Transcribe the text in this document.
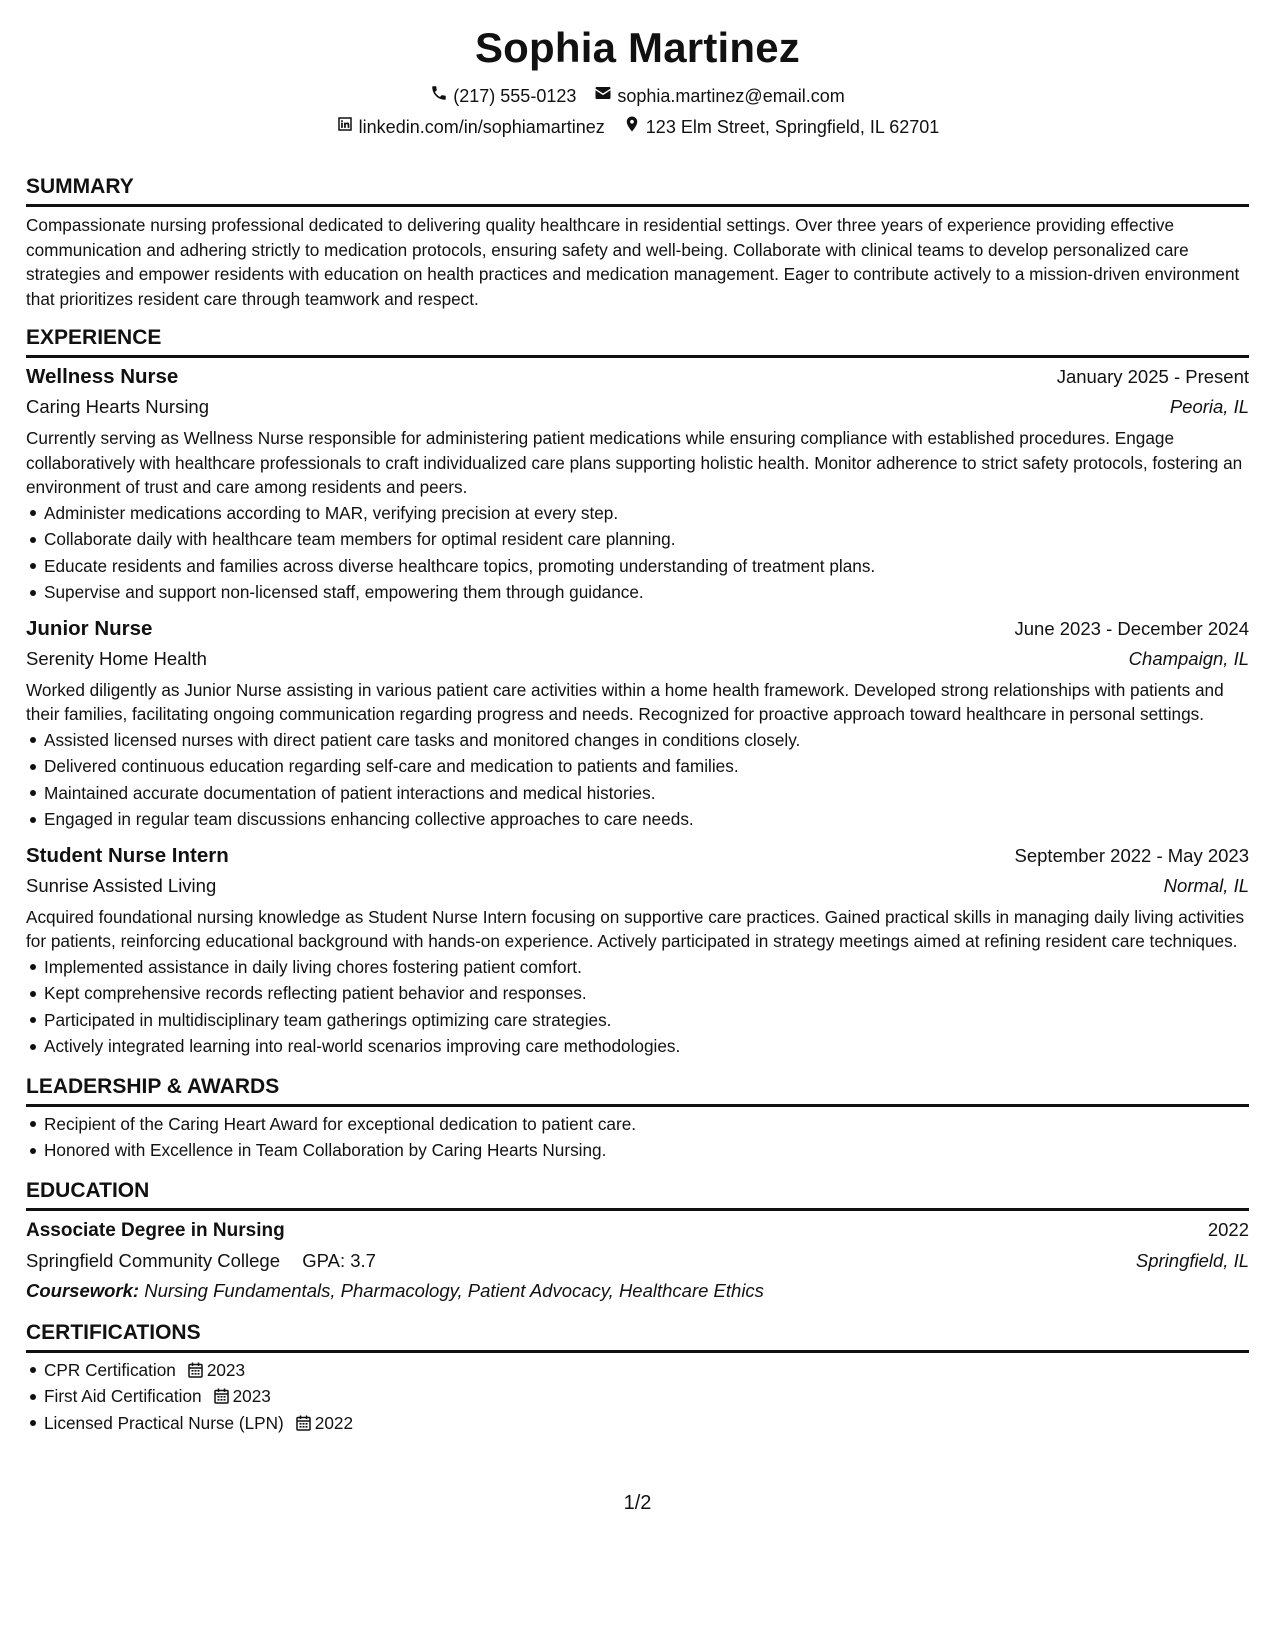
Sophia Martinez
(217) 555-0123 sophia.martinez@email.com
linkedin.com/in/sophiamartinez 123 Elm Street, Springfield, IL 62701
SUMMARY

Compassionate nursing professional dedicated to delivering quality healthcare in residential settings. Over three years of experience providing effective communication and adhering strictly to medication protocols, ensuring safety and well-being. Collaborate with clinical teams to develop personalized care strategies and empower residents with education on health practices and medication management. Eager to contribute actively to a mission-driven environment that prioritizes resident care through teamwork and respect.

EXPERIENCE
Wellness Nurse	January 2025 - Present
Caring Hearts Nursing	Peoria, IL

Currently serving as Wellness Nurse responsible for administering patient medications while ensuring compliance with established procedures. Engage collaboratively with healthcare professionals to craft individualized care plans supporting holistic health. Monitor adherence to strict safety protocols, fostering an environment of trust and care among residents and peers.

Administer medications according to MAR, verifying precision at every step.
Collaborate daily with healthcare team members for optimal resident care planning.
Educate residents and families across diverse healthcare topics, promoting understanding of treatment plans.
Supervise and support non-licensed staff, empowering them through guidance.
Junior Nurse	June 2023 - December 2024
Serenity Home Health	Champaign, IL

Worked diligently as Junior Nurse assisting in various patient care activities within a home health framework. Developed strong relationships with patients and their families, facilitating ongoing communication regarding progress and needs. Recognized for proactive approach toward healthcare in personal settings.

Assisted licensed nurses with direct patient care tasks and monitored changes in conditions closely.
Delivered continuous education regarding self-care and medication to patients and families.
Maintained accurate documentation of patient interactions and medical histories.
Engaged in regular team discussions enhancing collective approaches to care needs.
Student Nurse Intern	September 2022 - May 2023
Sunrise Assisted Living	Normal, IL

Acquired foundational nursing knowledge as Student Nurse Intern focusing on supportive care practices. Gained practical skills in managing daily living activities for patients, reinforcing educational background with hands-on experience. Actively participated in strategy meetings aimed at refining resident care techniques.

Implemented assistance in daily living chores fostering patient comfort.
Kept comprehensive records reflecting patient behavior and responses.
Participated in multidisciplinary team gatherings optimizing care strategies.
Actively integrated learning into real-world scenarios improving care methodologies.
LEADERSHIP & AWARDS
Recipient of the Caring Heart Award for exceptional dedication to patient care.
Honored with Excellence in Team Collaboration by Caring Hearts Nursing.
EDUCATION
Associate Degree in Nursing	2022
Springfield Community College GPA: 3.7	Springfield, IL
Coursework: Nursing Fundamentals, Pharmacology, Patient Advocacy, Healthcare Ethics
CERTIFICATIONS
CPR Certification 2023
First Aid Certification 2023
Licensed Practical Nurse (LPN) 2022
1/2
